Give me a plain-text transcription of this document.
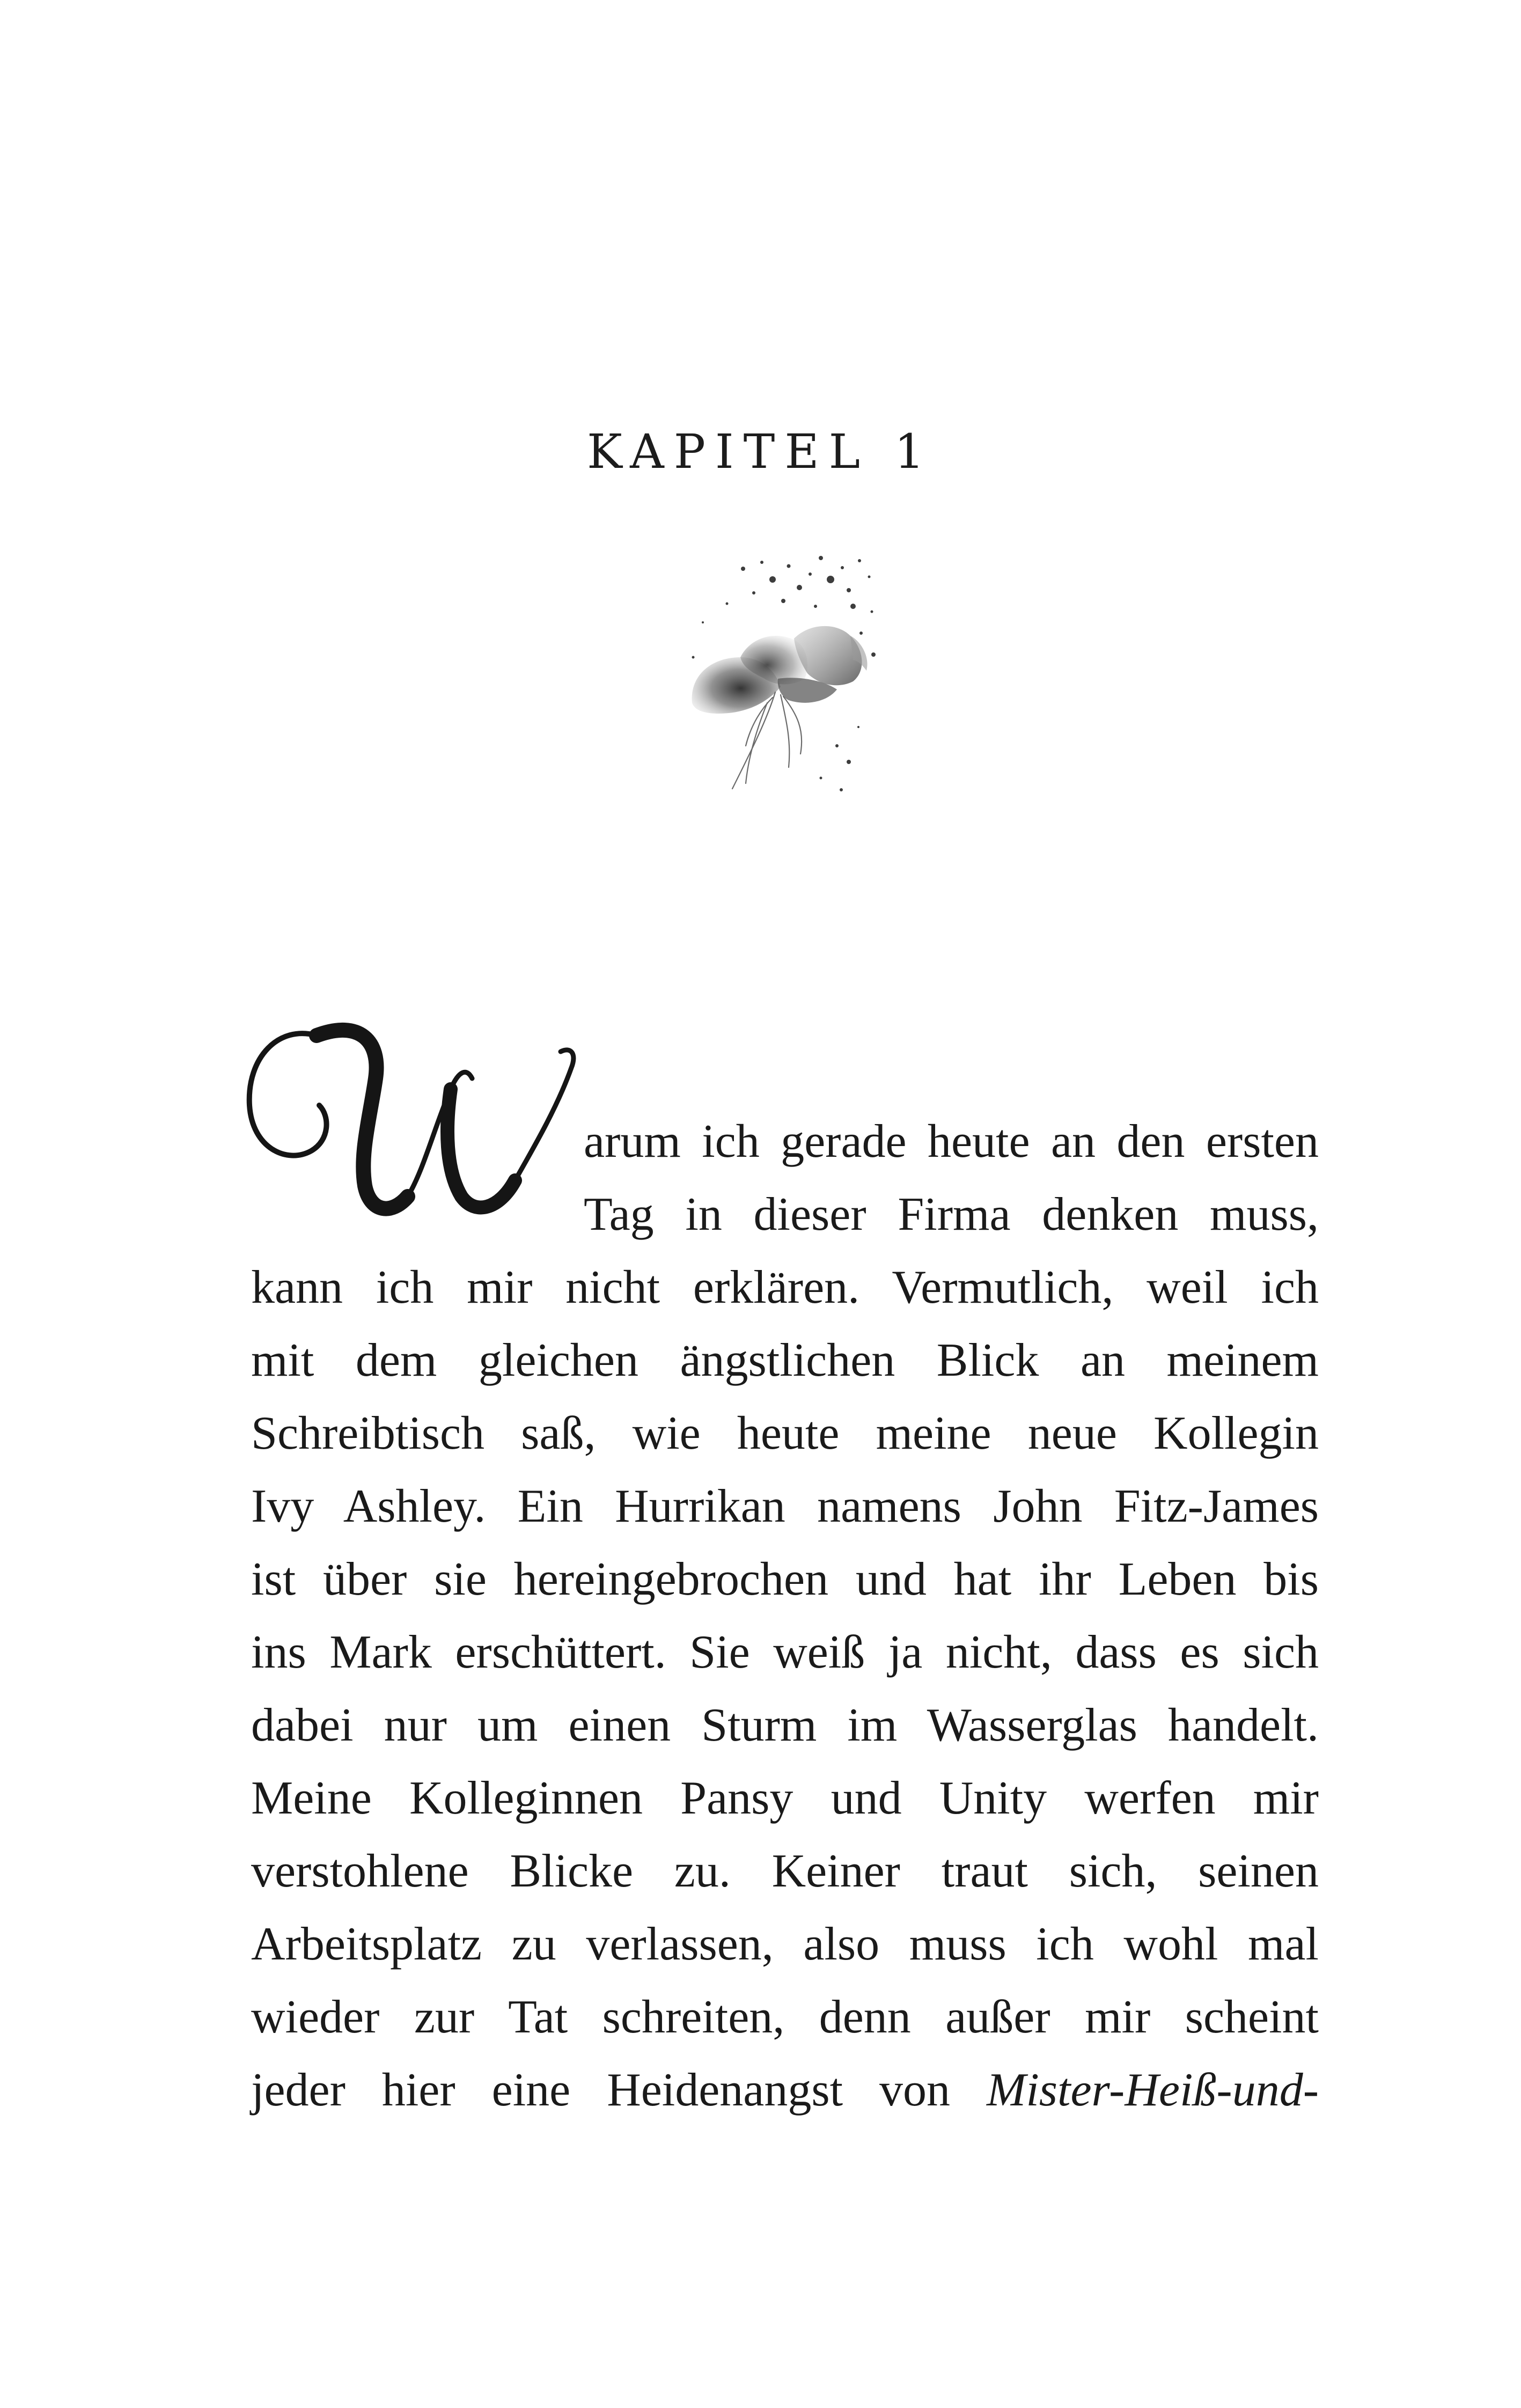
KAPITEL 1
arum ich gerade heute an den ersten
Tag in dieser Firma denken muss,
kann ich mir nicht erklären. Vermutlich, weil ich
mit dem gleichen ängstlichen Blick an meinem
Schreibtisch saß, wie heute meine neue Kollegin
Ivy Ashley. Ein Hurrikan namens John Fitz-James
ist über sie hereingebrochen und hat ihr Leben bis
ins Mark erschüttert. Sie weiß ja nicht, dass es sich
dabei nur um einen Sturm im Wasserglas handelt.
Meine Kolleginnen Pansy und Unity werfen mir
verstohlene Blicke zu. Keiner traut sich, seinen
Arbeitsplatz zu verlassen, also muss ich wohl mal
wieder zur Tat schreiten, denn außer mir scheint
jeder hier eine Heidenangst von Mister-Heiß-und-
